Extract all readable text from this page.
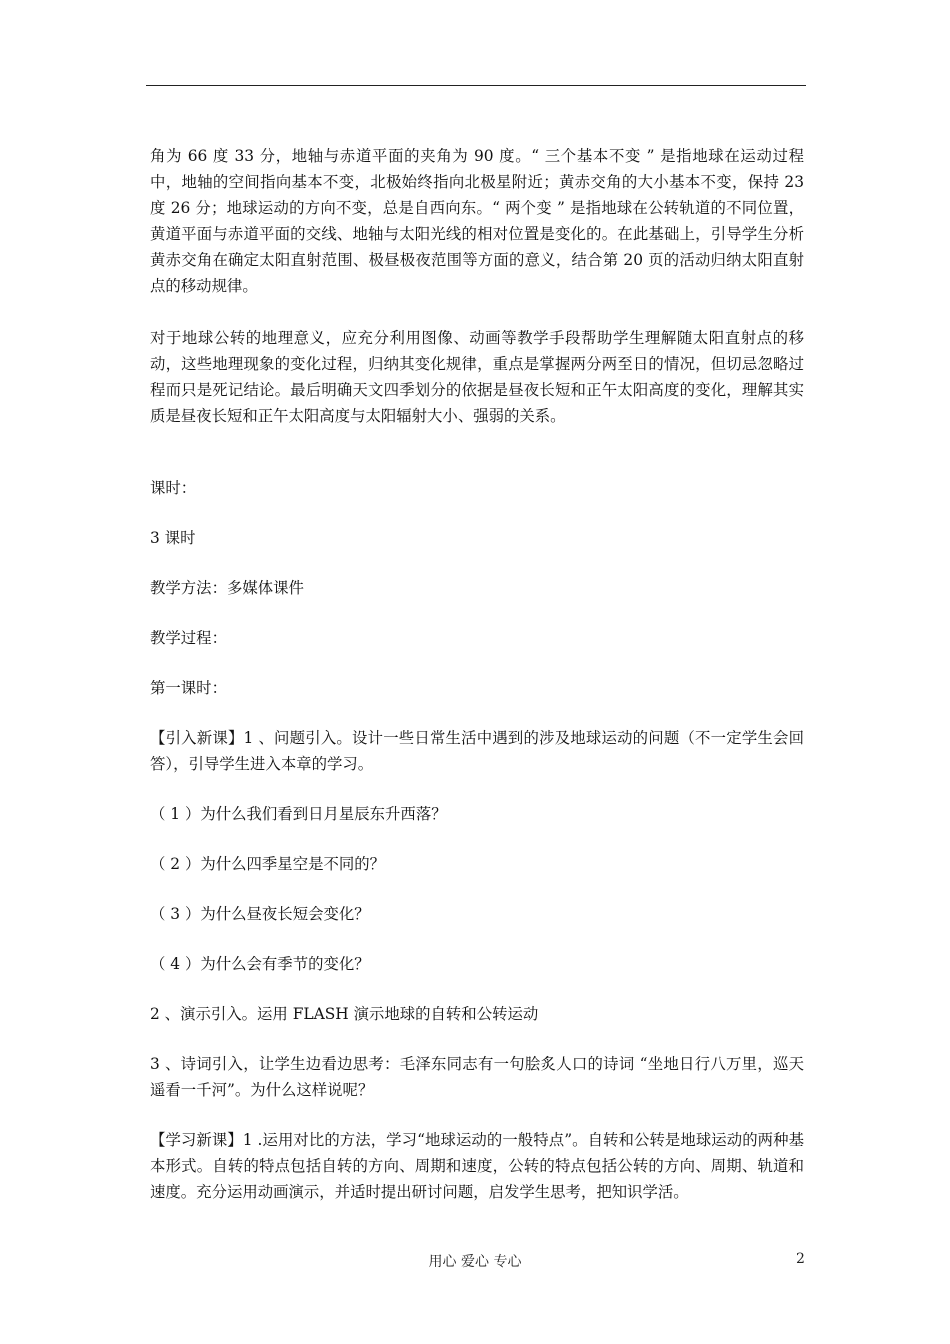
角为 66 度 33 分，地轴与赤道平面的夹角为 90 度。“ 三个基本不变 ” 是指地球在运动过程中，地轴的空间指向基本不变，北极始终指向北极星附近；黄赤交角的大小基本不变，保持 23 度 26 分；地球运动的方向不变，总是自西向东。“ 两个变 ” 是指地球在公转轨道的不同位置，黄道平面与赤道平面的交线、地轴与太阳光线的相对位置是变化的。在此基础上，引导学生分析黄赤交角在确定太阳直射范围、极昼极夜范围等方面的意义，结合第 20 页的活动归纳太阳直射点的移动规律。

对于地球公转的地理意义，应充分利用图像、动画等教学手段帮助学生理解随太阳直射点的移动，这些地理现象的变化过程，归纳其变化规律，重点是掌握两分两至日的情况，但切忌忽略过程而只是死记结论。最后明确天文四季划分的依据是昼夜长短和正午太阳高度的变化，理解其实质是昼夜长短和正午太阳高度与太阳辐射大小、强弱的关系。

课时：

3 课时

教学方法：多媒体课件

教学过程：

第一课时：

【引入新课】1 、问题引入。设计一些日常生活中遇到的涉及地球运动的问题（不一定学生会回答），引导学生进入本章的学习。

（ 1 ）为什么我们看到日月星辰东升西落？

（ 2 ）为什么四季星空是不同的？

（ 3 ）为什么昼夜长短会变化？

（ 4 ）为什么会有季节的变化？

2 、演示引入。运用 FLASH 演示地球的自转和公转运动

3 、诗词引入，让学生边看边思考：毛泽东同志有一句脍炙人口的诗词 “坐地日行八万里，巡天遥看一千河”。为什么这样说呢？

【学习新课】1 .运用对比的方法，学习“地球运动的一般特点”。自转和公转是地球运动的两种基本形式。自转的特点包括自转的方向、周期和速度，公转的特点包括公转的方向、周期、轨道和速度。充分运用动画演示，并适时提出研讨问题，启发学生思考，把知识学活。

用心 爱心 专心	2
